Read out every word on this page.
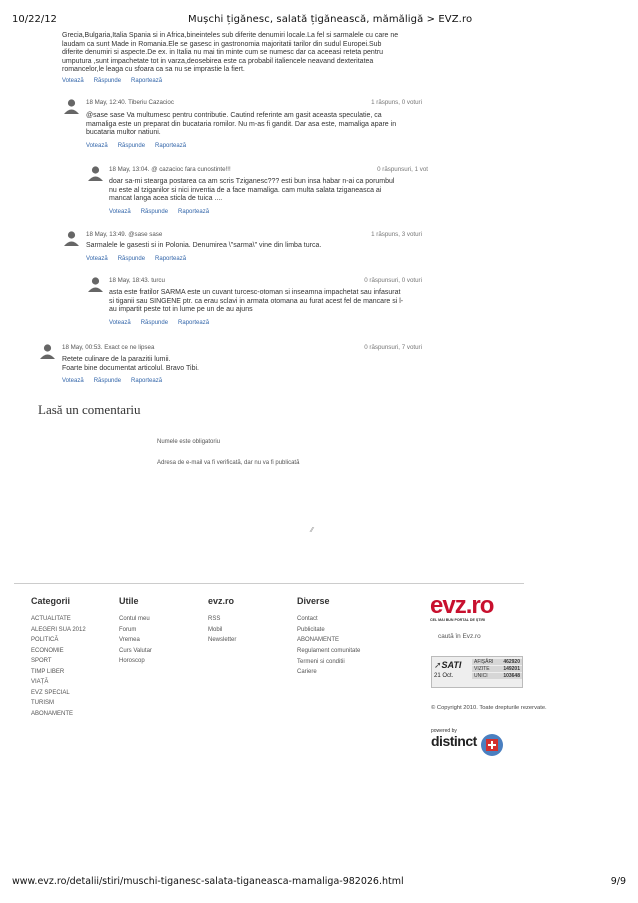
10/22/12	Mușchi țigănesc, salată țigănească, mămăligă > EVZ.ro
Grecia,Bulgaria,Italia Spania si in Africa,bineinteles sub diferite denumiri locale.La fel si sarmalele cu care ne
laudam ca sunt Made in Romania.Ele se gasesc in gastronomia majoritatii tarilor din sudul Europei.Sub
diferite denumiri si aspecte.De ex. in Italia nu mai tin minte cum se numesc dar ca aceeasi reteta pentru
umputura ,sunt impachetate tot in varza,deosebirea este ca probabil italiencele neavand dexteritatea
romancelor,le leaga cu sfoara ca sa nu se imprastie la fiert.
Votează Răspunde Raportează
18 May, 12:40. Tiberiu Cazacioc	1 răspuns, 0 voturi
@sase sase Va multumesc pentru contributie. Cautind referinte am gasit aceasta speculatie, ca
mamaliga este un preparat din bucataria romilor. Nu m-as fi gandit. Dar asa este, mamaliga apare in
bucataria multor natiuni.
Votează Răspunde Raportează
18 May, 13:04. @ cazacioc fara cunostinte!!!	0 răspunsuri, 1 vot
doar sa-mi stearga postarea ca am scris Tziganesc??? esti bun insa habar n-ai ca porumbul
nu este al tziganilor si nici inventia de a face mamaliga. cam multa salata tziganeasca ai
mancat langa acea sticla de tuica ....
Votează Răspunde Raportează
18 May, 13:49. @sase sase	1 răspuns, 3 voturi
Sarmalele le gasesti si in Polonia. Denumirea \"sarma\" vine din limba turca.
Votează Răspunde Raportează
18 May, 18:43. turcu	0 răspunsuri, 0 voturi
asta este fratilor SARMA este un cuvant turcesc-otoman si inseamna impachetat sau infasurat
si tiganii sau SINGENE ptr. ca erau sclavi in armata otomana au furat acest fel de mancare si l-
au impartit peste tot in lume pe un de au ajuns
Votează Răspunde Raportează
18 May, 00:53. Exact ce ne lipsea	0 răspunsuri, 7 voturi
Retete culinare de la parazitii lumii.
Foarte bine documentat articolul. Bravo Tibi.
Votează Răspunde Raportează
Lasă un comentariu
Numele este obligatoriu
Adresa de e-mail va fi verificată, dar nu va fi publicată
⁄⁄
Categorii
ACTUALITATE
ALEGERI SUA 2012
POLITICĂ
ECONOMIE
SPORT
TIMP LIBER
VIAȚĂ
EVZ SPECIAL
TURISM
ABONAMENTE
Utile
Contul meu
Forum
Vremea
Curs Valutar
Horoscop
evz.ro
RSS
Mobil
Newsletter
Diverse
Contact
Publicitate
ABONAMENTE
Regulament comunitate
Termeni si conditii
Cariere
evz.ro
CEL MAI BUN PORTAL DE ȘTIRI
caută în Evz.ro
➚SATI
21 Oct.
AFIȘĂRI 462920
VIZITE	149201
UNICI	103648
© Copyright 2010. Toate drepturile rezervate.
powered by
distinct
www.evz.ro/detalii/stiri/muschi-tiganesc-salata-tiganeasca-mamaliga-982026.html	9/9
